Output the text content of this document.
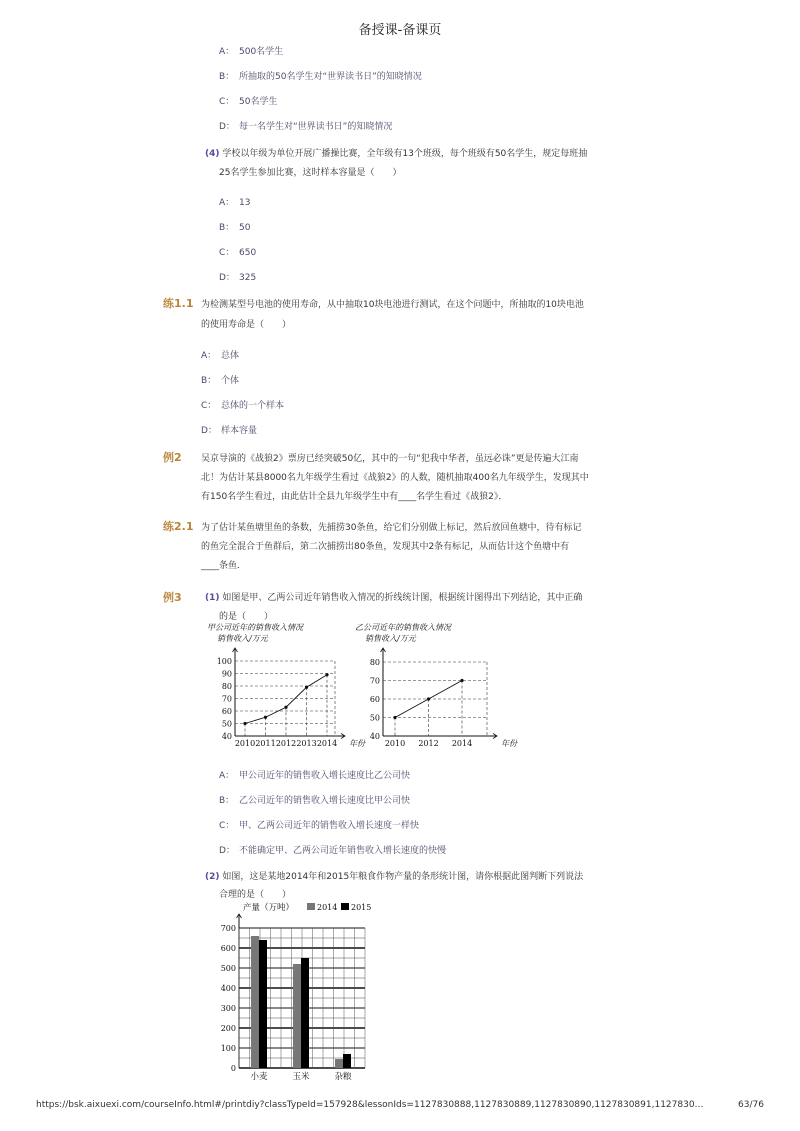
备授课-备课页
A： 500名学生
B： 所抽取的50名学生对“世界读书日”的知晓情况
C： 50名学生
D： 每一名学生对“世界读书日”的知晓情况
(4) 学校以年级为单位开展广播操比赛，全年级有13个班级，每个班级有50名学生，规定每班抽
25名学生参加比赛，这时样本容量是（　　）
A： 13
B： 50
C： 650
D： 325
练1.1 为检测某型号电池的使用寿命，从中抽取10块电池进行测试，在这个问题中，所抽取的10块电池
的使用寿命是（　　）
A： 总体
B： 个体
C： 总体的一个样本
D： 样本容量
例2 吴京导演的《战狼2》票房已经突破50亿，其中的一句“犯我中华者，虽远必诛”更是传遍大江南
北！为估计某县8000名九年级学生看过《战狼2》的人数，随机抽取400名九年级学生，发现其中
有150名学生看过，由此估计全县九年级学生中有____名学生看过《战狼2》．
练2.1 为了估计某鱼塘里鱼的条数，先捕捞30条鱼，给它们分别做上标记，然后放回鱼塘中，待有标记
的鱼完全混合于鱼群后，第二次捕捞出80条鱼，发现其中2条有标记，从而估计这个鱼塘中有
____条鱼．
例3	(1) 如图是甲、乙两公司近年销售收入情况的折线统计图，根据统计图得出下列结论，其中正确
的是（　　）
甲公司近年的销售收入情况
销售收入/万元
40
50
60
70
80
90
100
2010 2011 2012 2013 2014 年份
乙公司近年的销售收入情况
销售收入/万元
40
50
60
70
80
2010 2012 2014	年份
A： 甲公司近年的销售收入增长速度比乙公司快
B： 乙公司近年的销售收入增长速度比甲公司快
C： 甲、乙两公司近年的销售收入增长速度一样快
D： 不能确定甲、乙两公司近年销售收入增长速度的快慢
(2) 如图，这是某地2014年和2015年粮食作物产量的条形统计图，请你根据此图判断下列说法
合理的是（　　）
产量（万吨）	2014 2015
0
100
200
300
400
500
600
700
小麦	玉米	杂粮
https://bsk.aixuexi.com/courseInfo.html#/printdiy?classTypeId=157928&lessonIds=1127830888,1127830889,1127830890,1127830891,1127830…	63/76
